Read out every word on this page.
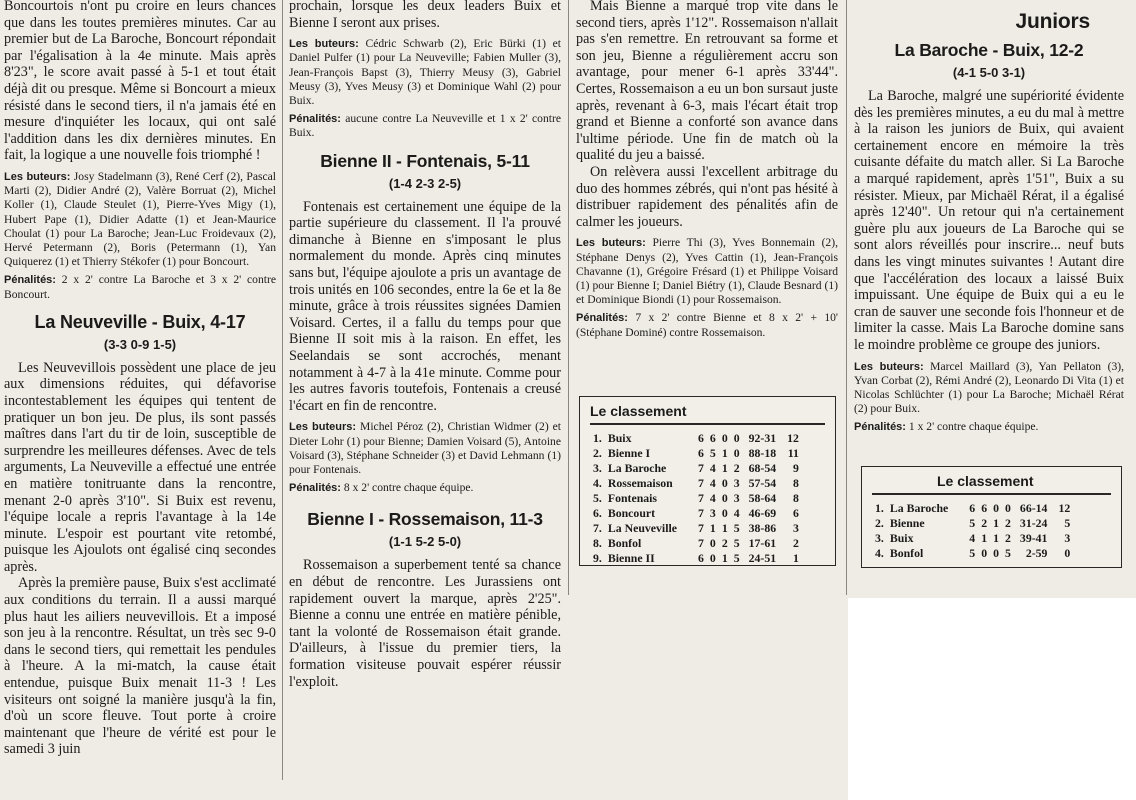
Boncourtois n'ont pu croire en leurs chances que dans les toutes premières minutes. Car au premier but de La Baroche, Boncourt répondait par l'égalisation à la 4e minute. Mais après 8'23", le score avait passé à 5-1 et tout était déjà dit ou presque. Même si Boncourt a mieux résisté dans le second tiers, il n'a jamais été en mesure d'inquiéter les locaux, qui ont salé l'addition dans les dix dernières minutes. En fait, la logique a une nouvelle fois triomphé !

Les buteurs: Josy Stadelmann (3), René Cerf (2), Pascal Marti (2), Didier André (2), Valère Borruat (2), Michel Koller (1), Claude Steulet (1), Pierre-Yves Migy (1), Hubert Pape (1), Didier Adatte (1) et Jean-Maurice Choulat (1) pour La Baroche; Jean-Luc Froidevaux (2), Hervé Petermann (2), Boris (Petermann (1), Yan Quiquerez (1) et Thierry Stékofer (1) pour Boncourt.

Pénalités: 2 x 2' contre La Baroche et 3 x 2' contre Boncourt.

La Neuveville - Buix, 4-17
(3-3 0-9 1-5)

Les Neuvevillois possèdent une place de jeu aux dimensions réduites, qui défavorise incontestablement les équipes qui tentent de pratiquer un bon jeu. De plus, ils sont passés maîtres dans l'art du tir de loin, susceptible de surprendre les meilleures défenses. Avec de tels arguments, La Neuveville a effectué une entrée en matière tonitruante dans la rencontre, menant 2-0 après 3'10". Si Buix est revenu, l'équipe locale a repris l'avantage à la 14e minute. L'espoir est pourtant vite retombé, puisque les Ajoulots ont égalisé cinq secondes après.

Après la première pause, Buix s'est acclimaté aux conditions du terrain. Il a aussi marqué plus haut les ailiers neuvevillois. Et a imposé son jeu à la rencontre. Résultat, un très sec 9-0 dans le second tiers, qui remettait les pendules à l'heure. A la mi-match, la cause était entendue, puisque Buix menait 11-3 ! Les visiteurs ont soigné la manière jusqu'à la fin, d'où un score fleuve. Tout porte à croire maintenant que l'heure de vérité est pour le samedi 3 juin

prochain, lorsque les deux leaders Buix et Bienne I seront aux prises.

Les buteurs: Cédric Schwarb (2), Eric Bürki (1) et Daniel Pulfer (1) pour La Neuveville; Fabien Muller (3), Jean-François Bapst (3), Thierry Meusy (3), Gabriel Meusy (3), Yves Meusy (3) et Dominique Wahl (2) pour Buix.

Pénalités: aucune contre La Neuveville et 1 x 2' contre Buix.

Bienne II - Fontenais, 5-11
(1-4 2-3 2-5)

Fontenais est certainement une équipe de la partie supérieure du classement. Il l'a prouvé dimanche à Bienne en s'imposant le plus normalement du monde. Après cinq minutes sans but, l'équipe ajoulote a pris un avantage de trois unités en 106 secondes, entre la 6e et la 8e minute, grâce à trois réussites signées Damien Voisard. Certes, il a fallu du temps pour que Bienne II soit mis à la raison. En effet, les Seelandais se sont accrochés, menant notamment à 4-7 à la 41e minute. Comme pour les autres favoris toutefois, Fontenais a creusé l'écart en fin de rencontre.

Les buteurs: Michel Péroz (2), Christian Widmer (2) et Dieter Lohr (1) pour Bienne; Damien Voisard (5), Antoine Voisard (3), Stéphane Schneider (3) et David Lehmann (1) pour Fontenais.

Pénalités: 8 x 2' contre chaque équipe.

Bienne I - Rossemaison, 11-3
(1-1 5-2 5-0)

Rossemaison a superbement tenté sa chance en début de rencontre. Les Jurassiens ont rapidement ouvert la marque, après 2'25". Bienne a connu une entrée en matière pénible, tant la volonté de Rossemaison était grande. D'ailleurs, à l'issue du premier tiers, la formation visiteuse pouvait espérer réussir l'exploit.

Mais Bienne a marqué trop vite dans le second tiers, après 1'12". Rossemaison n'allait pas s'en remettre. En retrouvant sa forme et son jeu, Bienne a régulièrement accru son avantage, pour mener 6-1 après 33'44". Certes, Rossemaison a eu un bon sursaut juste après, revenant à 6-3, mais l'écart était trop grand et Bienne a conforté son avance dans l'ultime période. Une fin de match où la qualité du jeu a baissé.

On relèvera aussi l'excellent arbitrage du duo des hommes zébrés, qui n'ont pas hésité à distribuer rapidement des pénalités afin de calmer les joueurs.

Les buteurs: Pierre Thi (3), Yves Bonnemain (2), Stéphane Denys (2), Yves Cattin (1), Jean-François Chavanne (1), Grégoire Frésard (1) et Philippe Voisard (1) pour Bienne I; Daniel Biétry (1), Claude Besnard (1) et Dominique Biondi (1) pour Rossemaison.

Pénalités: 7 x 2' contre Bienne et 8 x 2' + 10' (Stéphane Dominé) contre Rossemaison.

Le classement
1.	Buix	6	6	0	0	92-31	12
2.	Bienne I	6	5	1	0	88-18	11
3.	La Baroche	7	4	1	2	68-54	9
4.	Rossemaison	7	4	0	3	57-54	8
5.	Fontenais	7	4	0	3	58-64	8
6.	Boncourt	7	3	0	4	46-69	6
7.	La Neuveville	7	1	1	5	38-86	3
8.	Bonfol	7	0	2	5	17-61	2
9.	Bienne II	6	0	1	5	24-51	1
Juniors
La Baroche - Buix, 12-2
(4-1 5-0 3-1)

La Baroche, malgré une supériorité évidente dès les premières minutes, a eu du mal à mettre à la raison les juniors de Buix, qui avaient certainement encore en mémoire la très cuisante défaite du match aller. Si La Baroche a marqué rapidement, après 1'51", Buix a su résister. Mieux, par Michaël Rérat, il a égalisé après 12'40". Un retour qui n'a certainement guère plu aux joueurs de La Baroche qui se sont alors réveillés pour inscrire... neuf buts dans les vingt minutes suivantes ! Autant dire que l'accélération des locaux a laissé Buix impuissant. Une équipe de Buix qui a eu le cran de sauver une seconde fois l'honneur et de limiter la casse. Mais La Baroche domine sans le moindre problème ce groupe des juniors.

Les buteurs: Marcel Maillard (3), Yan Pellaton (3), Yvan Corbat (2), Rémi André (2), Leonardo Di Vita (1) et Nicolas Schlüchter (1) pour La Baroche; Michaël Rérat (2) pour Buix.

Pénalités: 1 x 2' contre chaque équipe.

Le classement
1.	La Baroche	6	6	0	0	66-14	12
2.	Bienne	5	2	1	2	31-24	5
3.	Buix	4	1	1	2	39-41	3
4.	Bonfol	5	0	0	5	2-59	0
